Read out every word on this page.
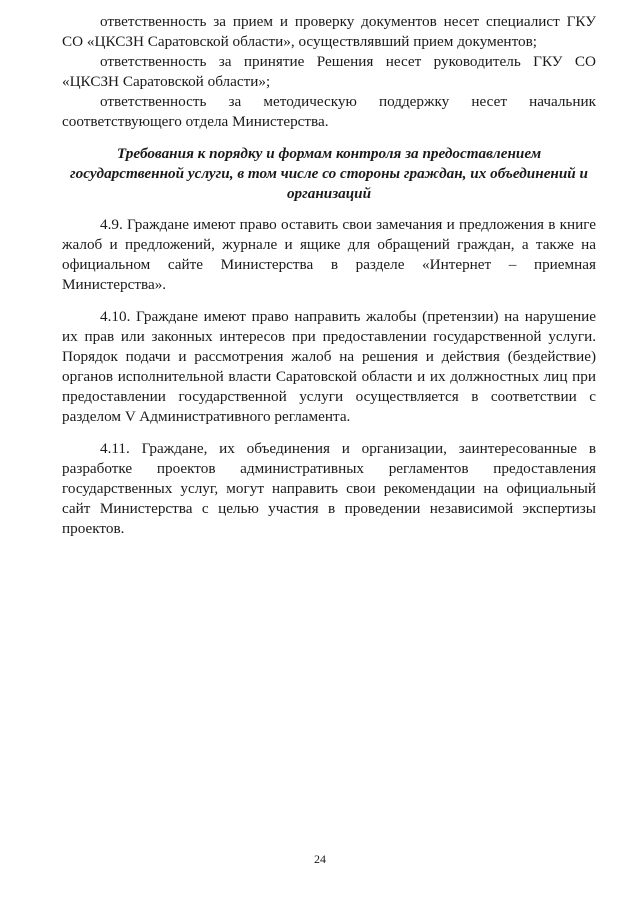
ответственность за прием и проверку документов несет специалист ГКУ СО «ЦКСЗН Саратовской области», осуществлявший прием документов;

ответственность за принятие Решения несет руководитель ГКУ СО «ЦКСЗН Саратовской области»;

ответственность за методическую поддержку несет начальник соответствующего отдела Министерства.

Требования к порядку и формам контроля за предоставлением государственной услуги, в том числе со стороны граждан, их объединений и организаций

4.9. Граждане имеют право оставить свои замечания и предложения в книге жалоб и предложений, журнале и ящике для обращений граждан, а также на официальном сайте Министерства в разделе «Интернет – приемная Министерства».

4.10. Граждане имеют право направить жалобы (претензии) на нарушение их прав или законных интересов при предоставлении государственной услуги. Порядок подачи и рассмотрения жалоб на решения и действия (бездействие) органов исполнительной власти Саратовской области и их должностных лиц при предоставлении государственной услуги осуществляется в соответствии с разделом V Административного регламента.

4.11. Граждане, их объединения и организации, заинтересованные в разработке проектов административных регламентов предоставления государственных услуг, могут направить свои рекомендации на официальный сайт Министерства с целью участия в проведении независимой экспертизы проектов.

24
